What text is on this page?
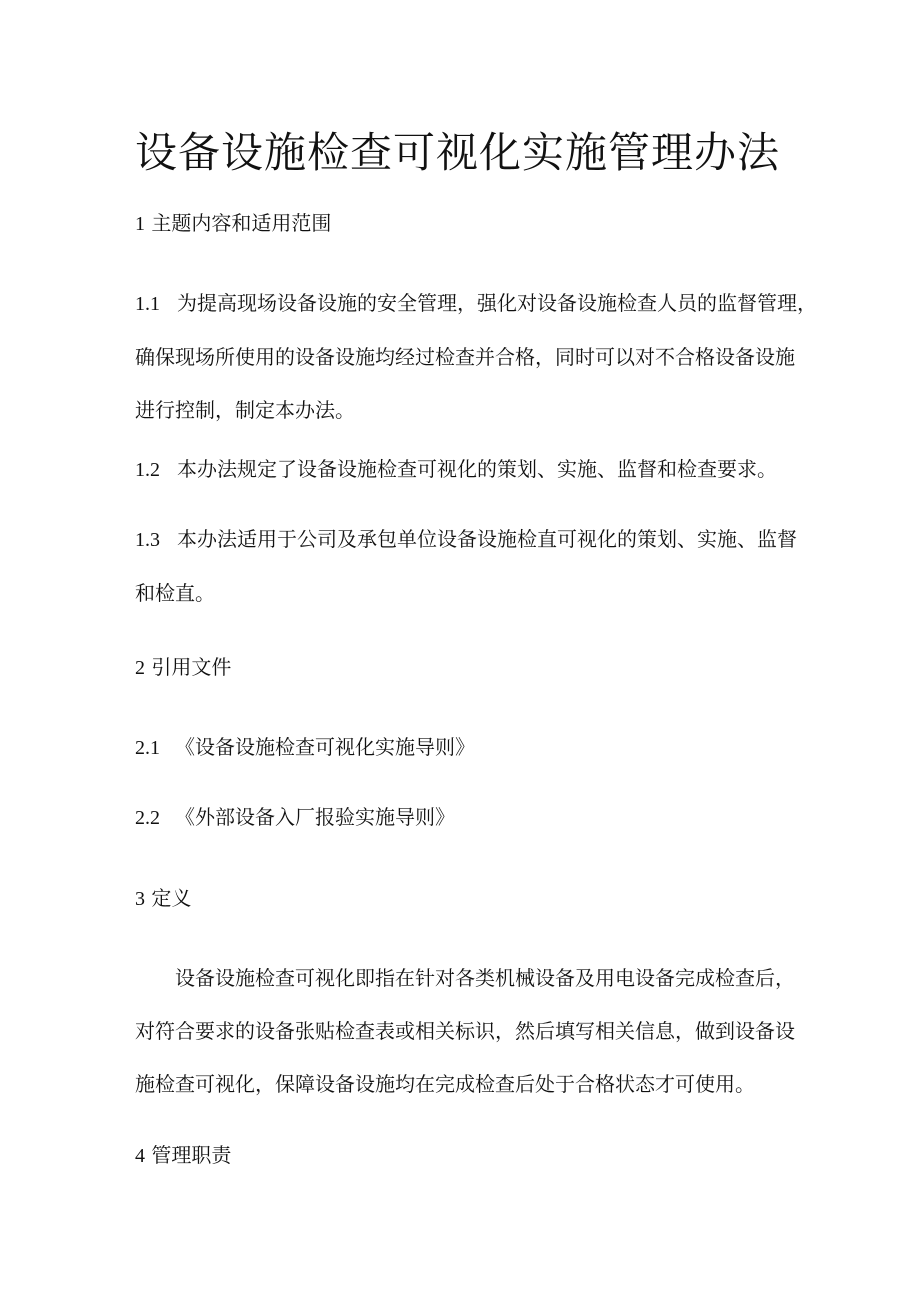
设备设施检查可视化实施管理办法
1 主题内容和适用范围
1.1 为提高现场设备设施的安全管理，强化对设备设施检查人员的监督管理，
确保现场所使用的设备设施均经过检查并合格，同时可以对不合格设备设施
进行控制，制定本办法。
1.2 本办法规定了设备设施检查可视化的策划、实施、监督和检查要求。
1.3 本办法适用于公司及承包单位设备设施检直可视化的策划、实施、监督
和检直。
2 引用文件
2.1 《设备设施检查可视化实施导则》
2.2 《外部设备入厂报验实施导则》
3 定义
设备设施检查可视化即指在针对各类机械设备及用电设备完成检查后，
对符合要求的设备张贴检查表或相关标识，然后填写相关信息，做到设备设
施检查可视化，保障设备设施均在完成检查后处于合格状态才可使用。
4 管理职责
